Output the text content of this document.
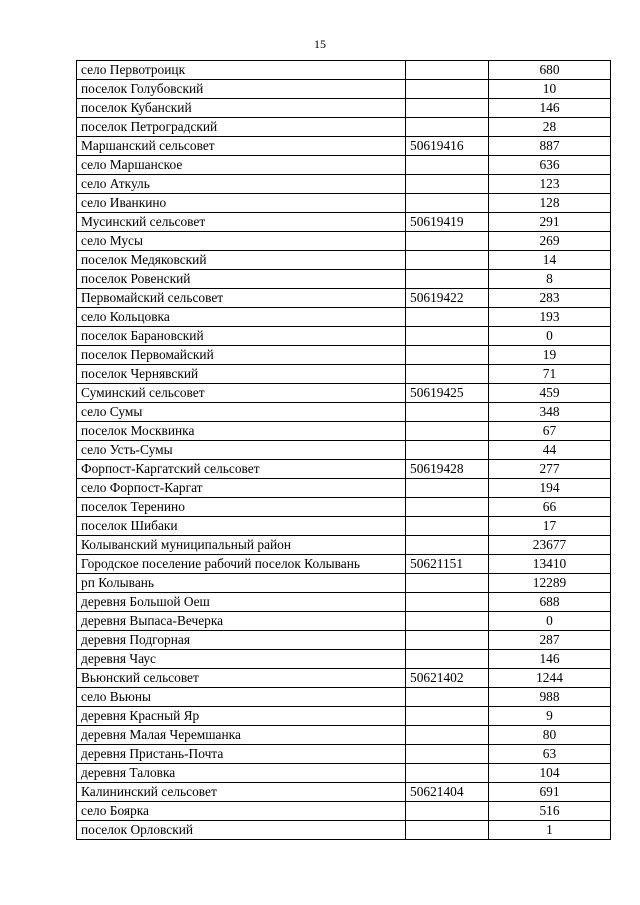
15
село Первотроицк		680
поселок Голубовский		10
поселок Кубанский		146
поселок Петроградский		28
Маршанский сельсовет	50619416	887
село Маршанское		636
село Аткуль		123
село Иванкино		128
Мусинский сельсовет	50619419	291
село Мусы		269
поселок Медяковский		14
поселок Ровенский		8
Первомайский сельсовет	50619422	283
село Кольцовка		193
поселок Барановский		0
поселок Первомайский		19
поселок Чернявский		71
Суминский сельсовет	50619425	459
село Сумы		348
поселок Москвинка		67
село Усть-Сумы		44
Форпост-Каргатский сельсовет	50619428	277
село Форпост-Каргат		194
поселок Теренино		66
поселок Шибаки		17
Колыванский муниципальный район		23677
Городское поселение рабочий поселок Колывань	50621151	13410
рп Колывань		12289
деревня Большой Оеш		688
деревня Выпаса-Вечерка		0
деревня Подгорная		287
деревня Чаус		146
Вьюнский сельсовет	50621402	1244
село Вьюны		988
деревня Красный Яр		9
деревня Малая Черемшанка		80
деревня Пристань-Почта		63
деревня Таловка		104
Калининский сельсовет	50621404	691
село Боярка		516
поселок Орловский		1
